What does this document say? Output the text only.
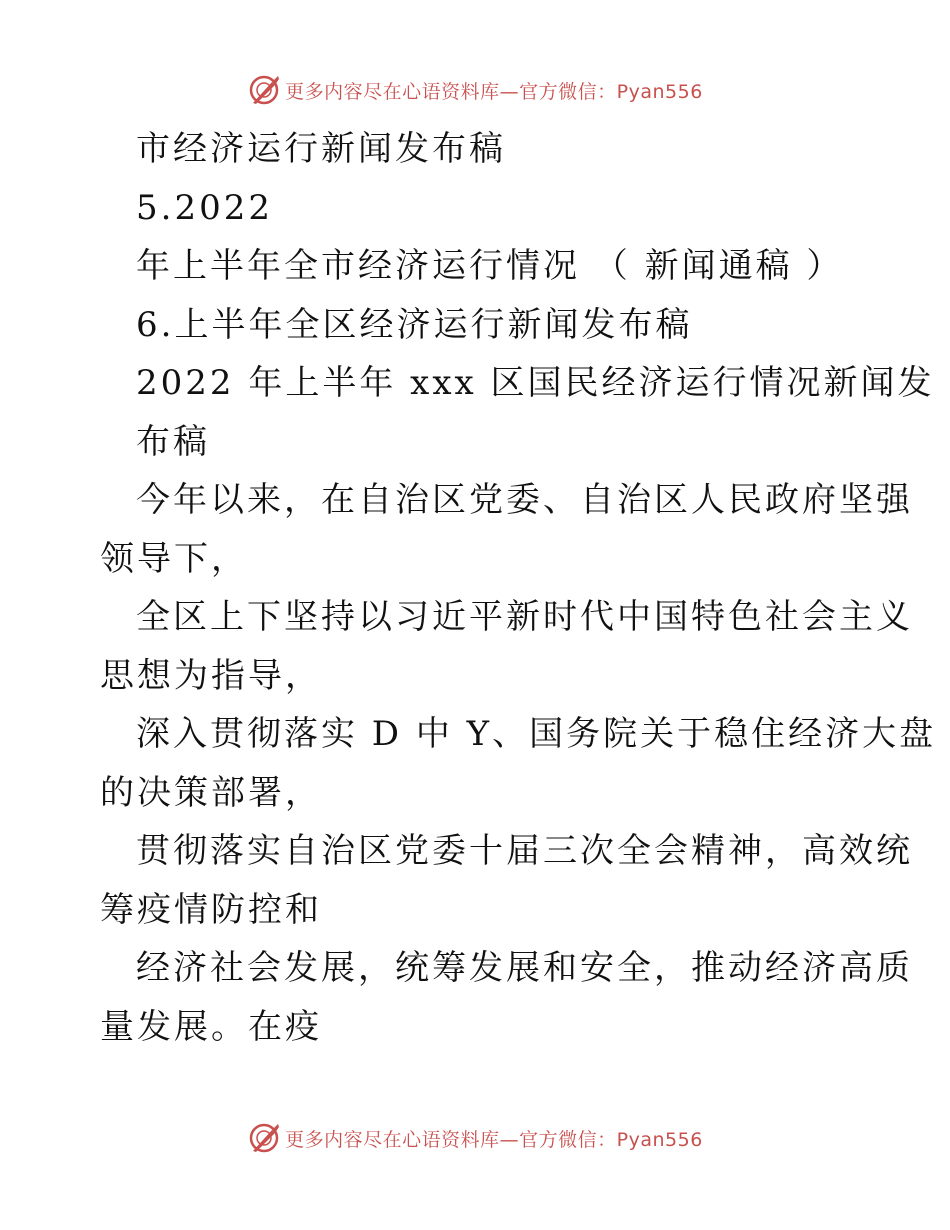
更多内容尽在心语资料库—官方微信：Pyan556
市经济运行新闻发布稿
5.2022
年上半年全市经济运行情况 （ 新闻通稿 ）
6.上半年全区经济运行新闻发布稿
2022 年上半年 xxx 区国民经济运行情况新闻发
布稿
今年以来，在自治区党委、自治区人民政府坚强
领导下，
全区上下坚持以习近平新时代中国特色社会主义
思想为指导，
深入贯彻落实 D 中 Y、国务院关于稳住经济大盘
的决策部署，
贯彻落实自治区党委十届三次全会精神，高效统
筹疫情防控和
经济社会发展，统筹发展和安全，推动经济高质
量发展。在疫
更多内容尽在心语资料库—官方微信：Pyan556
